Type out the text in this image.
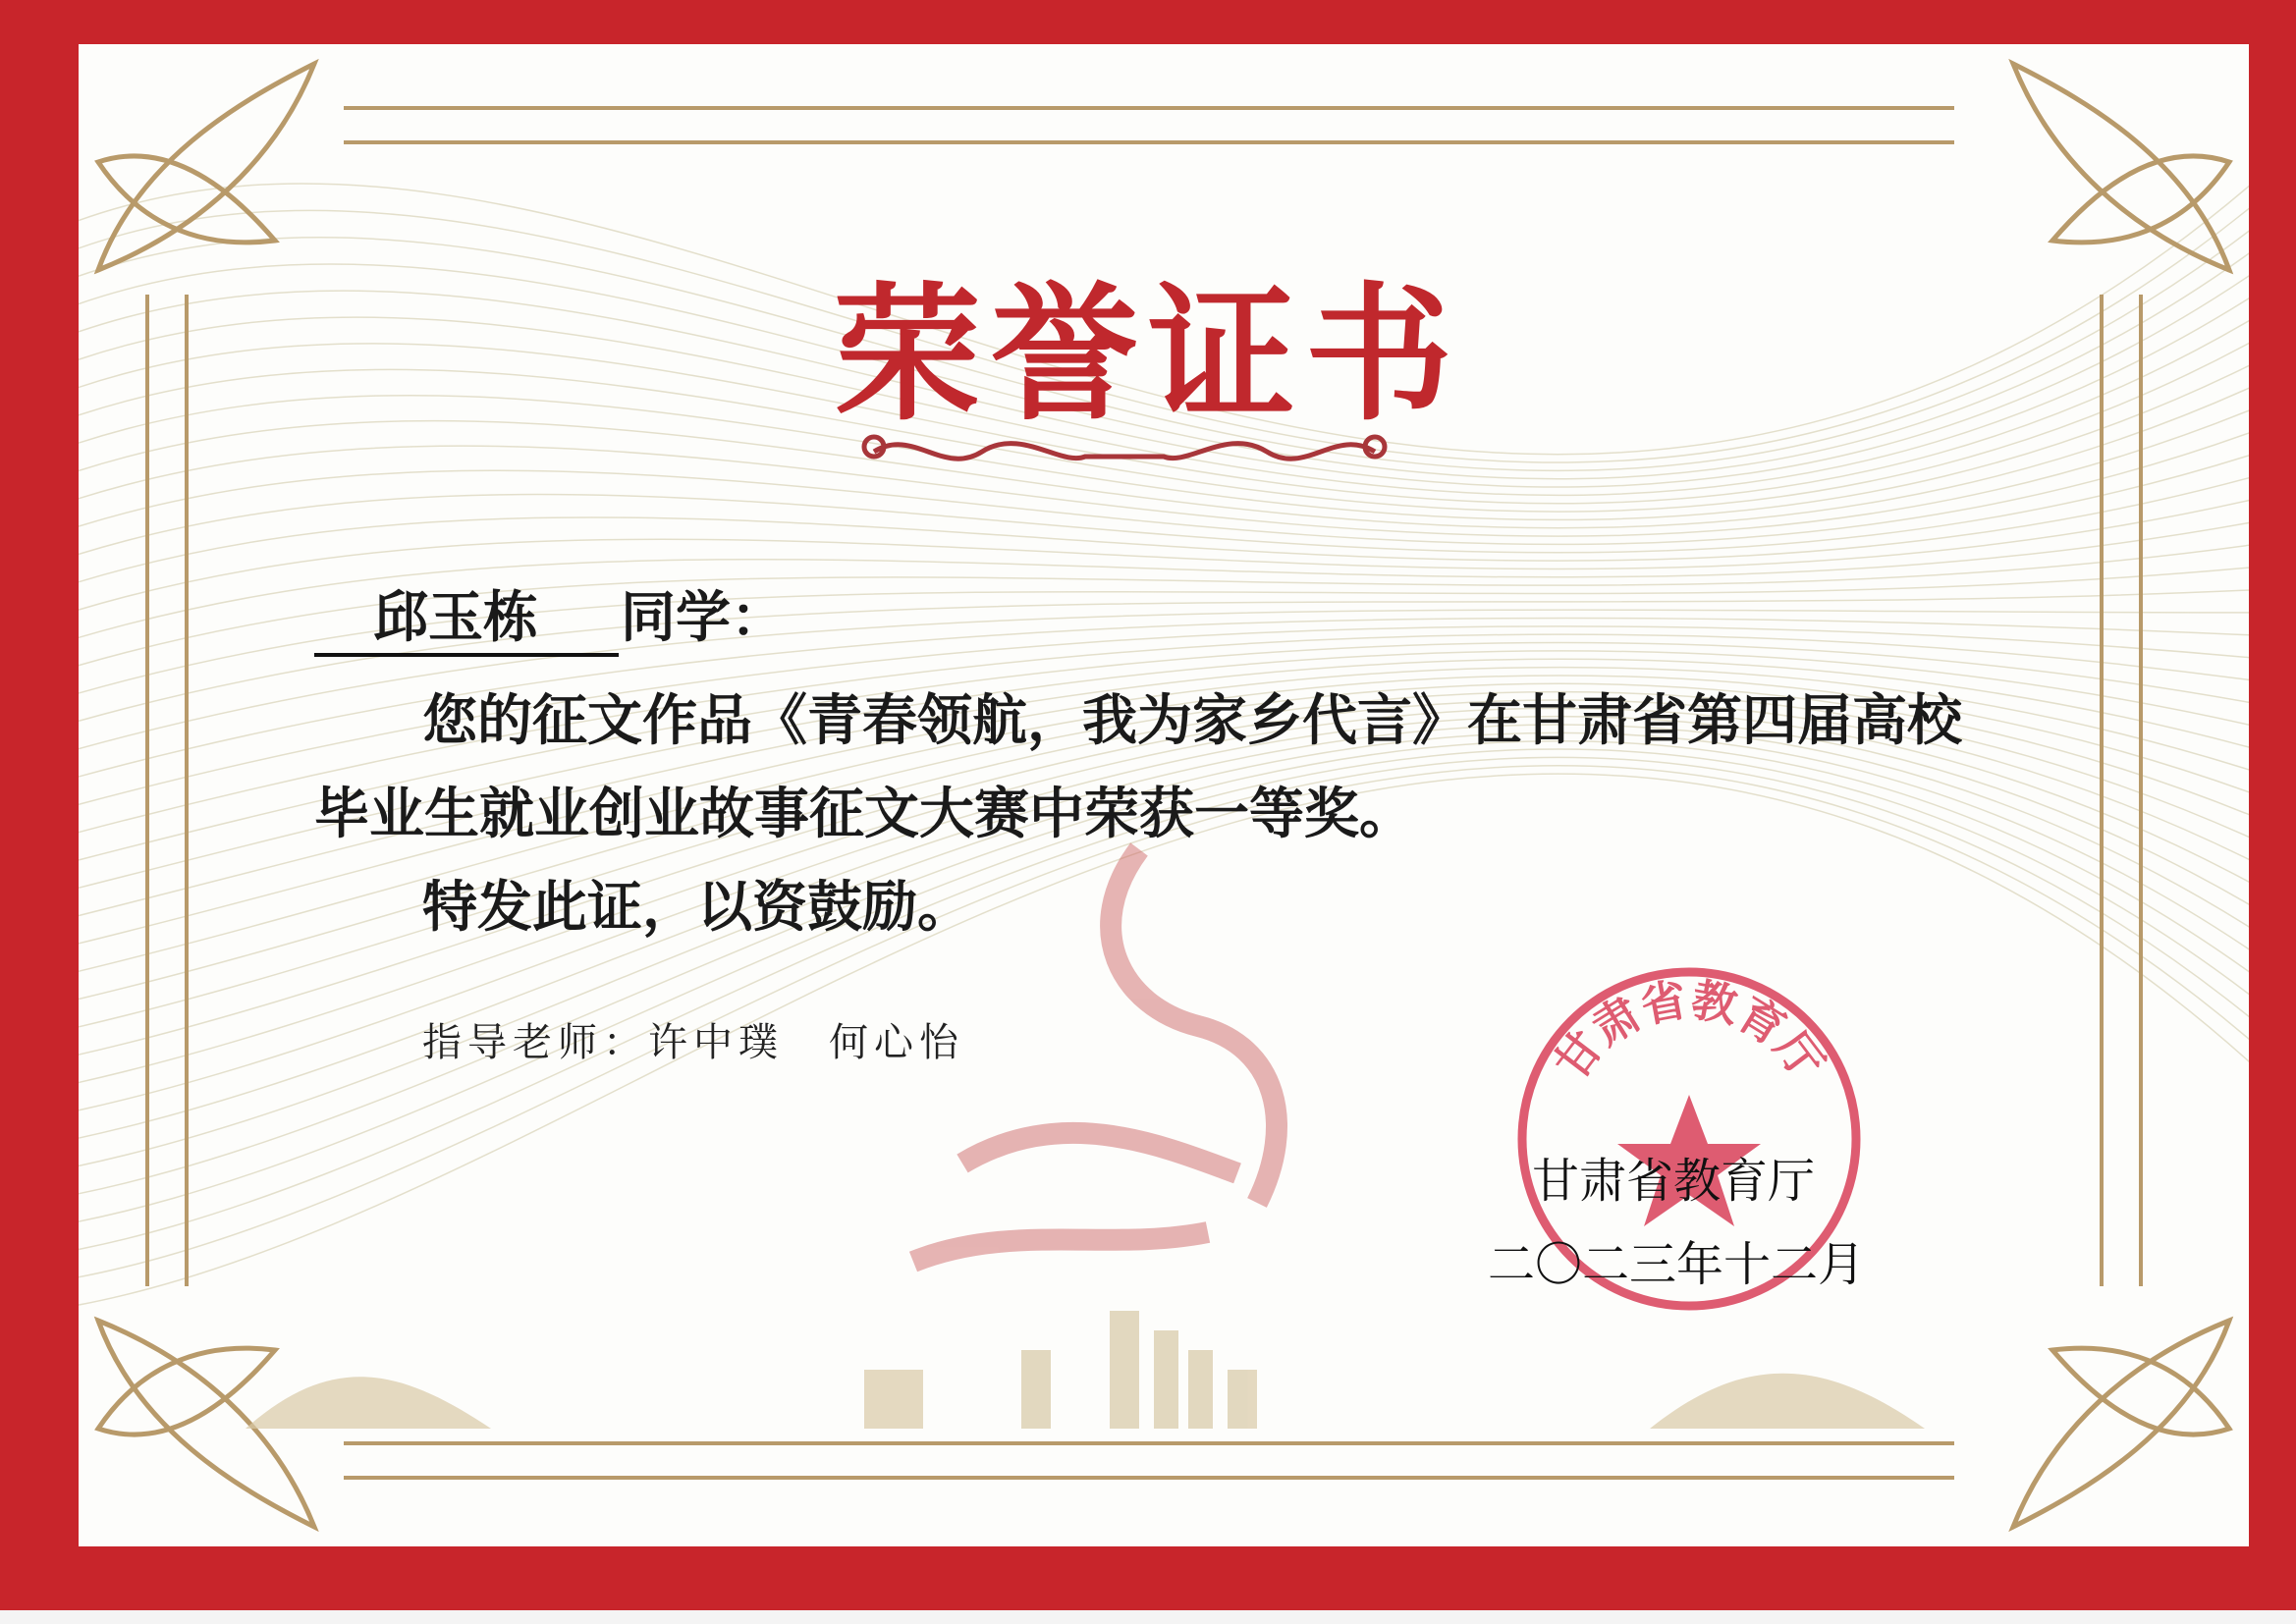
荣誉证书
邱玉栋	同学：
您的征文作品《青春领航，我为家乡代言》在甘肃省第四届高校
毕业生就业创业故事征文大赛中荣获一等奖。
特发此证，以资鼓励。
指导老师：许中璞　何心怡	甘肃省教育厅
甘肃省教育厅
二〇二三年十二月
